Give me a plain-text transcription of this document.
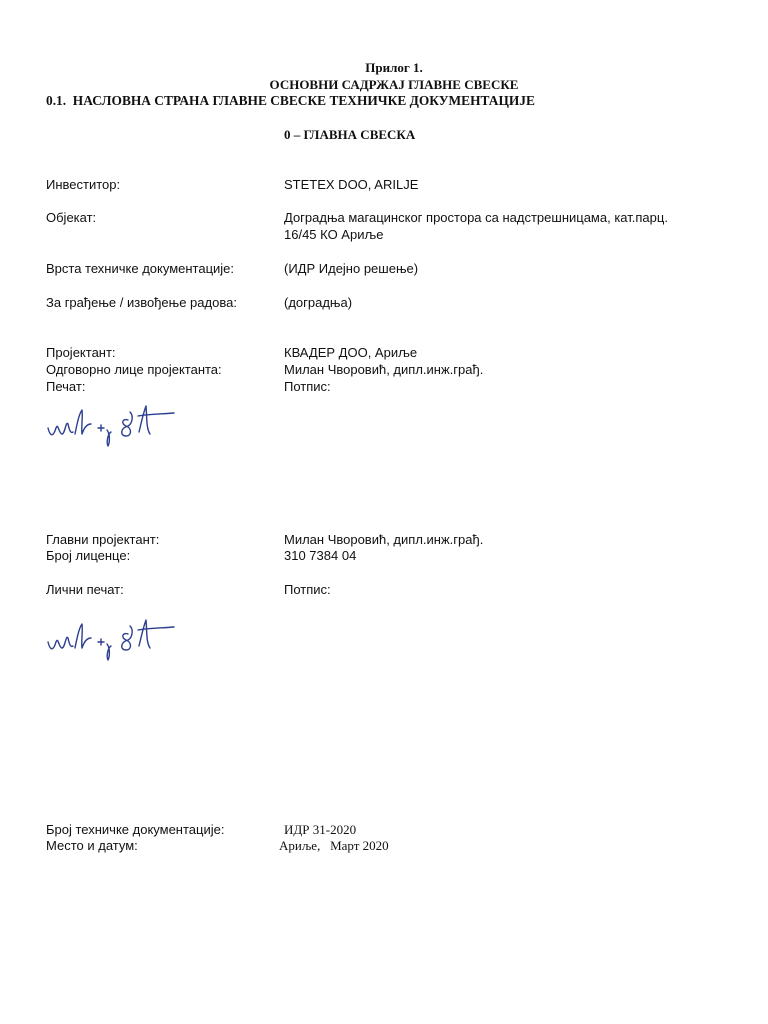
Прилог 1.
ОСНОВНИ САДРЖАЈ ГЛАВНЕ СВЕСКЕ
0.1. НАСЛОВНА СТРАНА ГЛАВНЕ СВЕСКЕ ТЕХНИЧКЕ ДОКУМЕНТАЦИЈЕ
0 – ГЛАВНА СВЕСКА
Инвеститор:	STETEX DOO, ARILJE
Објекат:	Доградња магацинског простора са надстрешницама, кат.парц.
16/45 КО Ариље
Врста техничке документације:	(ИДР Идејно решење)
За грађење / извођење радова:	(доградња)
Пројектант:	КВАДЕР ДОО, Ариље
Одговорно лице пројектанта:	Милан Чворовић, дипл.инж.грађ.
Печат:	Потпис:
Главни пројектант:	Милан Чворовић, дипл.инж.грађ.
Број лиценце:	310 7384 04
Лични печат:	Потпис:
Број техничке документације:	ИДР 31-2020
Место и датум:	Ариље, Март 2020
